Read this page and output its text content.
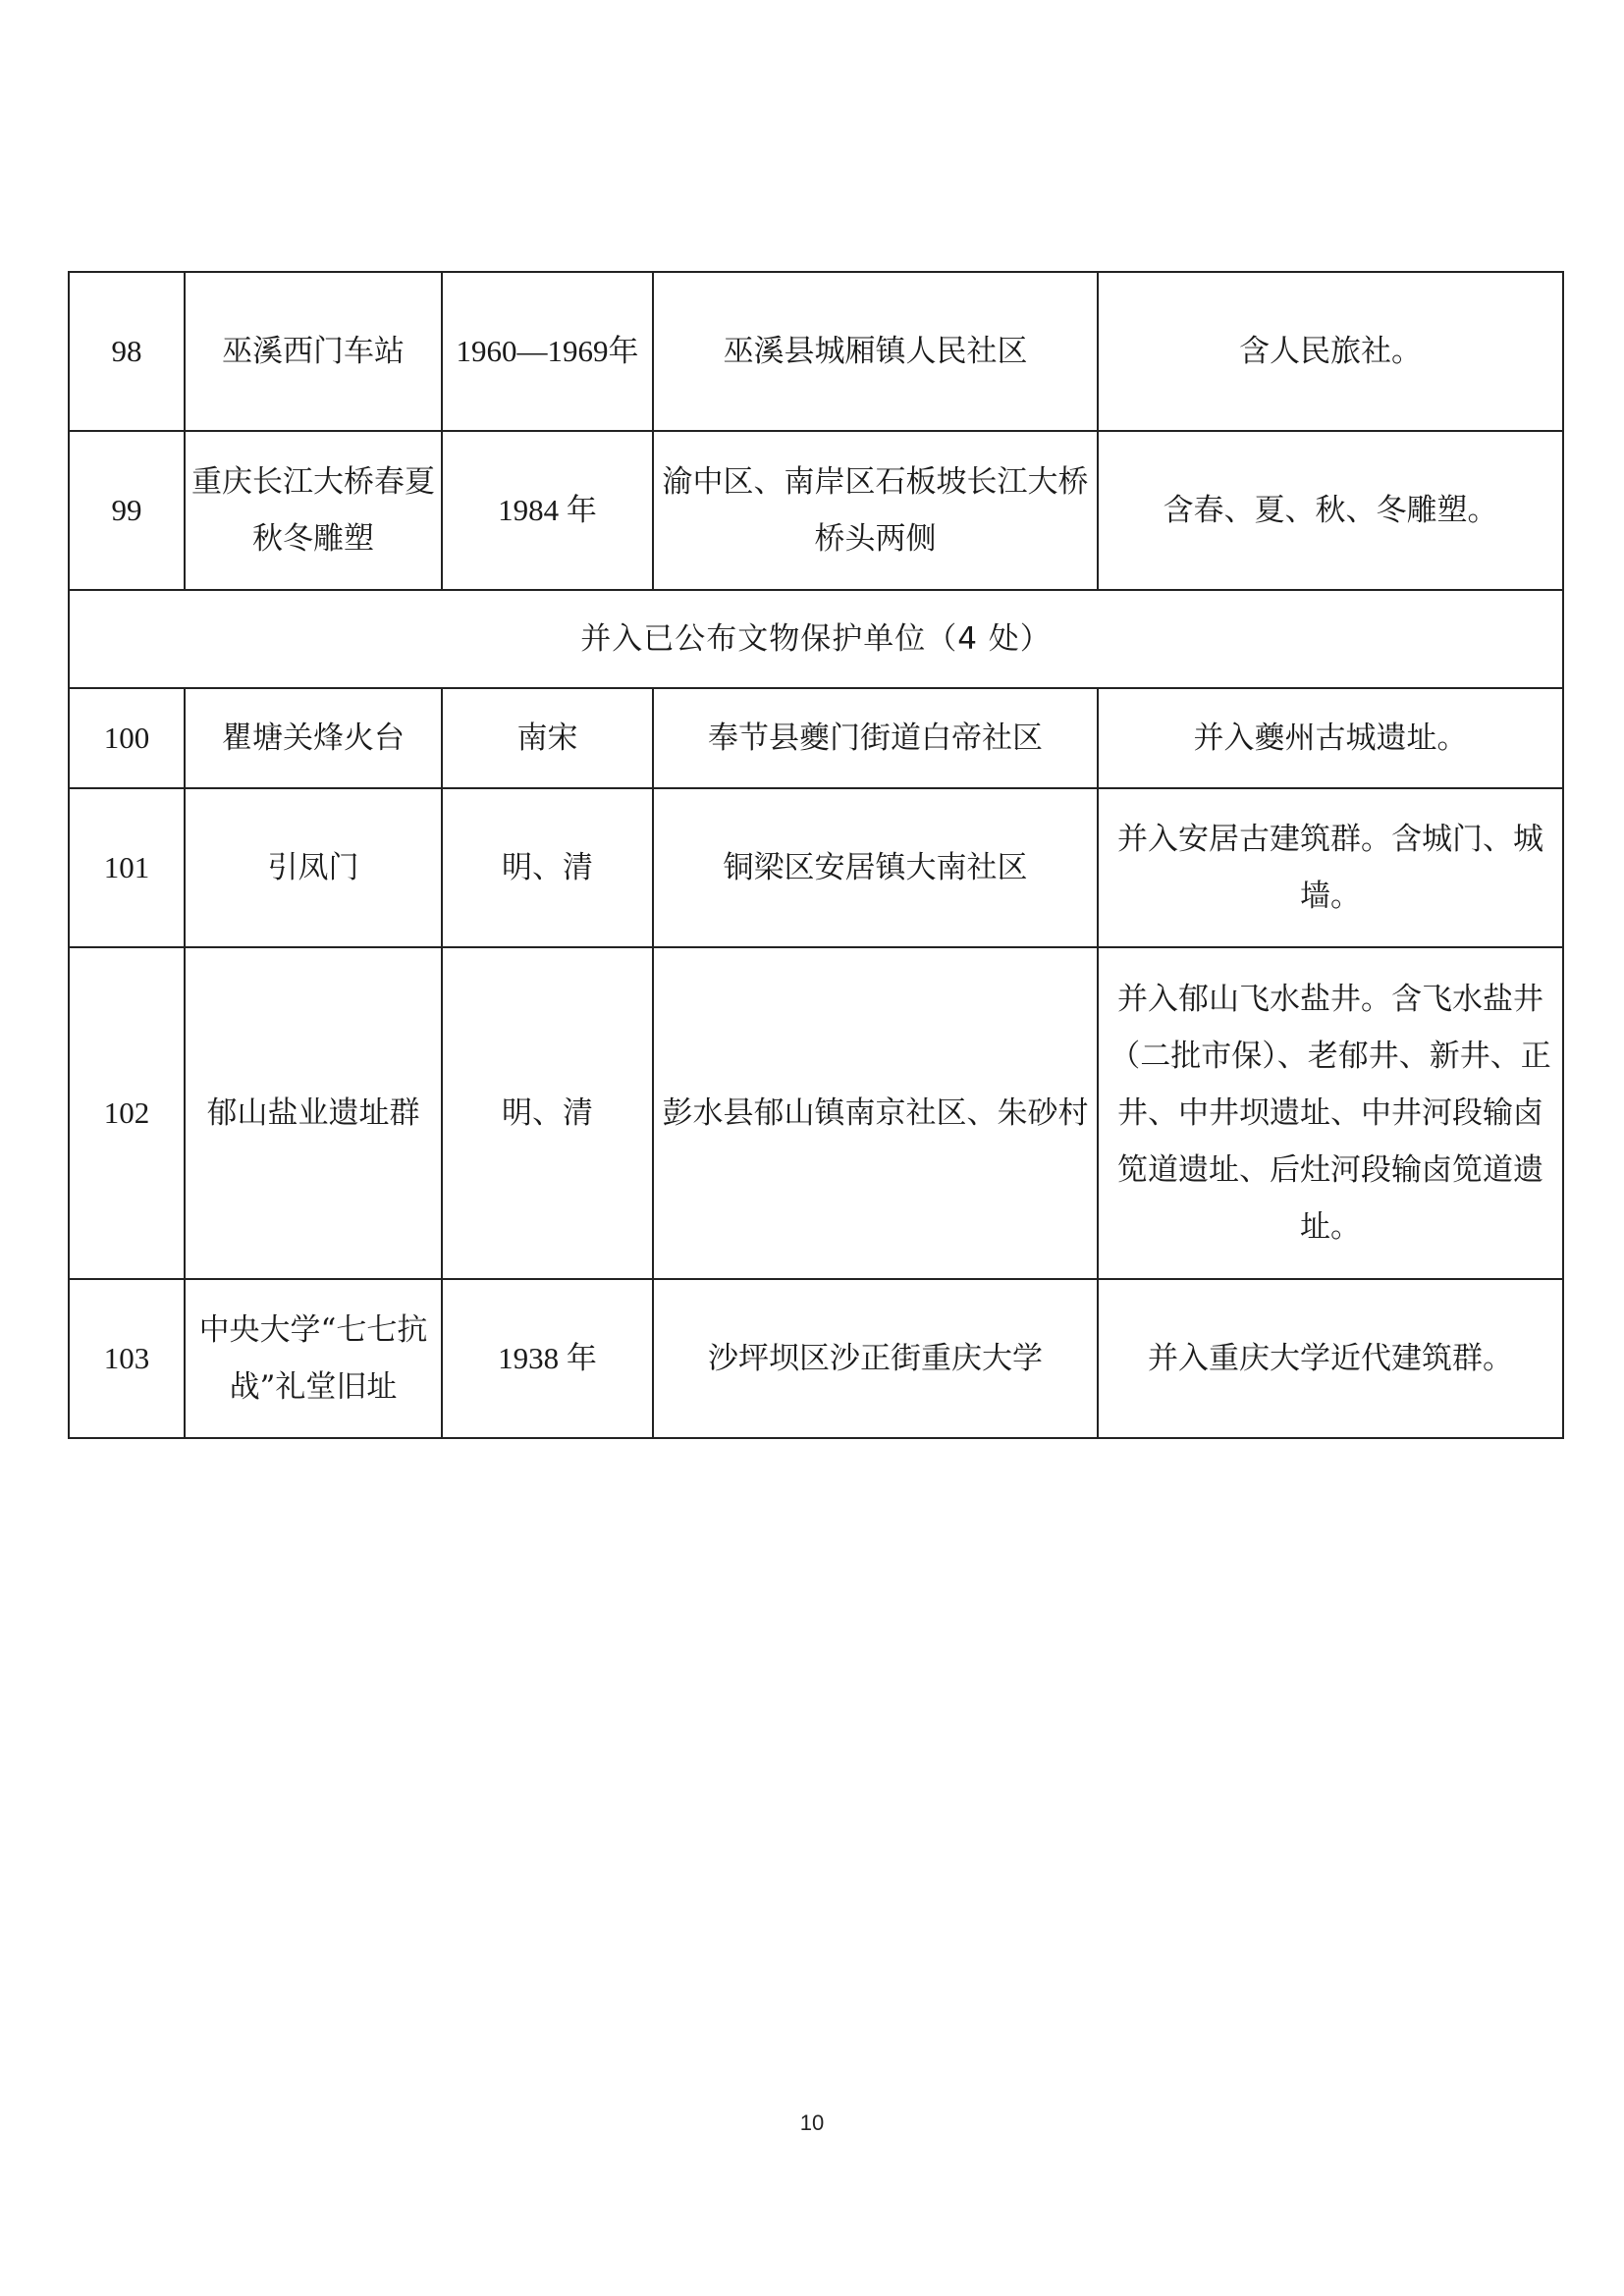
98	巫溪西门车站	1960—1969年	巫溪县城厢镇人民社区	含人民旅社。
99	重庆长江大桥春夏秋冬雕塑	1984 年	渝中区、南岸区石板坡长江大桥桥头两侧	含春、夏、秋、冬雕塑。
并入已公布文物保护单位（4 处）				
100	瞿塘关烽火台	南宋	奉节县夔门街道白帝社区	并入夔州古城遗址。
101	引凤门	明、清	铜梁区安居镇大南社区	并入安居古建筑群。含城门、城墙。
102	郁山盐业遗址群	明、清	彭水县郁山镇南京社区、朱砂村	并入郁山飞水盐井。含飞水盐井（二批市保）、老郁井、新井、正井、中井坝遗址、中井河段输卤笕道遗址、后灶河段输卤笕道遗址。
103	中央大学“七七抗战”礼堂旧址	1938 年	沙坪坝区沙正街重庆大学	并入重庆大学近代建筑群。
10
